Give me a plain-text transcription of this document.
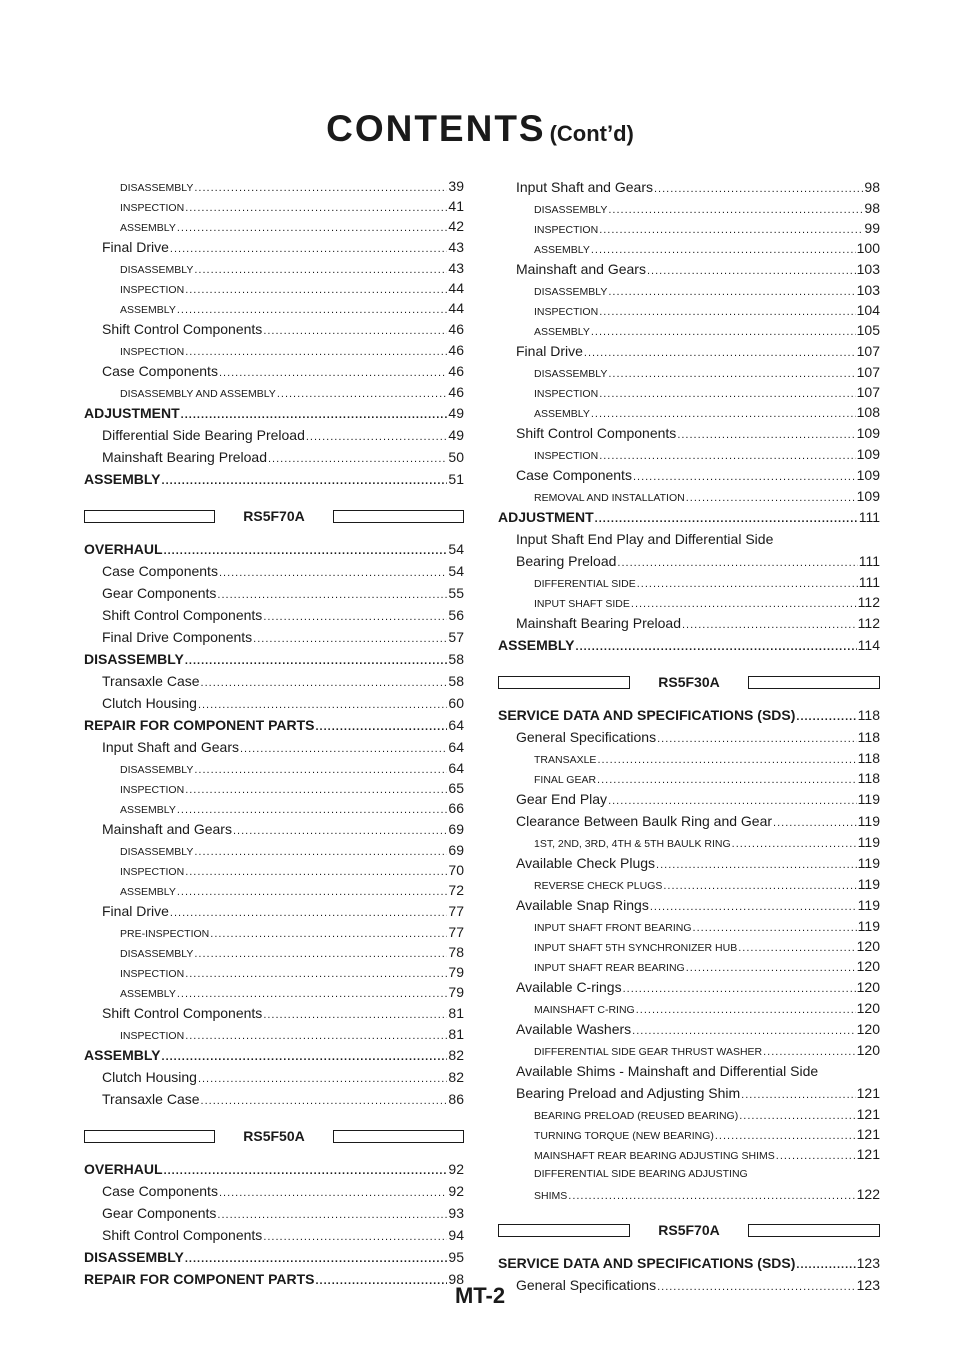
CONTENTS (Cont’d)
DISASSEMBLY .....	39
INSPECTION .....	41
ASSEMBLY .....	42
Final Drive .....	43
DISASSEMBLY .....	43
INSPECTION .....	44
ASSEMBLY .....	44
Shift Control Components .....	46
INSPECTION .....	46
Case Components .....	46
DISASSEMBLY AND ASSEMBLY .....	46
ADJUSTMENT .....	49
Differential Side Bearing Preload .....	49
Mainshaft Bearing Preload .....	50
ASSEMBLY .....	51
RS5F70A
OVERHAUL .....	54
Case Components .....	54
Gear Components .....	55
Shift Control Components .....	56
Final Drive Components .....	57
DISASSEMBLY .....	58
Transaxle Case .....	58
Clutch Housing .....	60
REPAIR FOR COMPONENT PARTS .....	64
Input Shaft and Gears .....	64
DISASSEMBLY .....	64
INSPECTION .....	65
ASSEMBLY .....	66
Mainshaft and Gears .....	69
DISASSEMBLY .....	69
INSPECTION .....	70
ASSEMBLY .....	72
Final Drive .....	77
PRE-INSPECTION .....	77
DISASSEMBLY .....	78
INSPECTION .....	79
ASSEMBLY .....	79
Shift Control Components .....	81
INSPECTION .....	81
ASSEMBLY .....	82
Clutch Housing .....	82
Transaxle Case .....	86
RS5F50A
OVERHAUL .....	92
Case Components .....	92
Gear Components .....	93
Shift Control Components .....	94
DISASSEMBLY .....	95
REPAIR FOR COMPONENT PARTS .....	98
Input Shaft and Gears .....	98
DISASSEMBLY .....	98
INSPECTION .....	99
ASSEMBLY .....	100
Mainshaft and Gears .....	103
DISASSEMBLY .....	103
INSPECTION .....	104
ASSEMBLY .....	105
Final Drive .....	107
DISASSEMBLY .....	107
INSPECTION .....	107
ASSEMBLY .....	108
Shift Control Components .....	109
INSPECTION .....	109
Case Components .....	109
REMOVAL AND INSTALLATION .....	109
ADJUSTMENT .....	111
Input Shaft End Play and Differential Side
Bearing Preload .....	111
DIFFERENTIAL SIDE .....	111
INPUT SHAFT SIDE .....	112
Mainshaft Bearing Preload .....	112
ASSEMBLY .....	114
RS5F30A
SERVICE DATA AND SPECIFICATIONS (SDS) .....	118
General Specifications .....	118
TRANSAXLE .....	118
FINAL GEAR .....	118
Gear End Play .....	119
Clearance Between Baulk Ring and Gear .....	119
1ST, 2ND, 3RD, 4TH & 5TH BAULK RING .....	119
Available Check Plugs .....	119
REVERSE CHECK PLUGS .....	119
Available Snap Rings .....	119
INPUT SHAFT FRONT BEARING .....	119
INPUT SHAFT 5TH SYNCHRONIZER HUB .....	120
INPUT SHAFT REAR BEARING .....	120
Available C-rings .....	120
MAINSHAFT C-RING .....	120
Available Washers .....	120
DIFFERENTIAL SIDE GEAR THRUST WASHER .....	120
Available Shims - Mainshaft and Differential Side
Bearing Preload and Adjusting Shim .....	121
BEARING PRELOAD (REUSED BEARING) .....	121
TURNING TORQUE (NEW BEARING) .....	121
MAINSHAFT REAR BEARING ADJUSTING SHIMS .....	121
DIFFERENTIAL SIDE BEARING ADJUSTING
SHIMS .....	122
RS5F70A
SERVICE DATA AND SPECIFICATIONS (SDS) .....	123
General Specifications .....	123
MT-2
